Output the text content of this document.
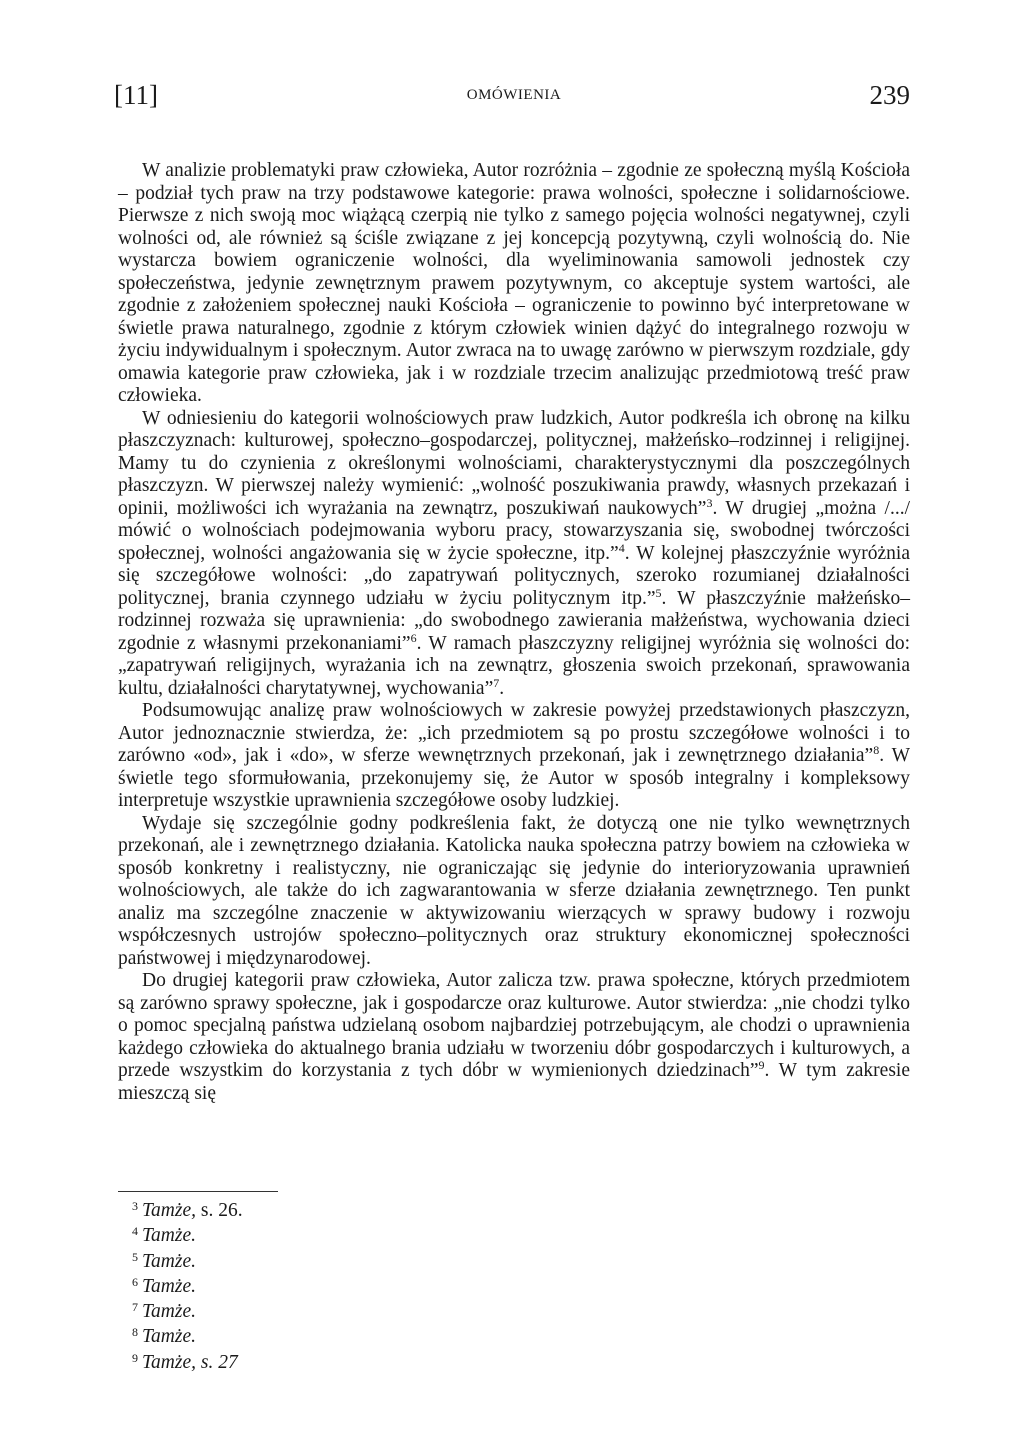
[11]	OMÓWIENIA	239

W analizie problematyki praw człowieka, Autor rozróżnia – zgodnie ze społeczną myślą Kościoła – podział tych praw na trzy podstawowe kategorie: prawa wolności, społeczne i solidarnościowe. Pierwsze z nich swoją moc wiążącą czerpią nie tylko z samego pojęcia wolności negatywnej, czyli wolności od, ale również są ściśle związane z jej koncepcją pozytywną, czyli wolnością do. Nie wystarcza bowiem ograniczenie wolności, dla wyeliminowania samowoli jednostek czy społeczeństwa, jedynie zewnętrznym prawem pozytywnym, co akceptuje system wartości, ale zgodnie z założeniem społecznej nauki Kościoła – ograniczenie to powinno być interpretowane w świetle prawa naturalnego, zgodnie z którym człowiek winien dążyć do integralnego rozwoju w życiu indywidualnym i społecznym. Autor zwraca na to uwagę zarówno w pierwszym rozdziale, gdy omawia kategorie praw człowieka, jak i w rozdziale trzecim analizując przedmiotową treść praw człowieka.

W odniesieniu do kategorii wolnościowych praw ludzkich, Autor podkreśla ich obronę na kilku płaszczyznach: kulturowej, społeczno–gospodarczej, politycznej, małżeńsko–rodzinnej i religijnej. Mamy tu do czynienia z określonymi wolnościami, charakterystycznymi dla poszczególnych płaszczyzn. W pierwszej należy wymienić: „wolność poszukiwania prawdy, własnych przekazań i opinii, możliwości ich wyrażania na zewnątrz, poszukiwań naukowych”$^3$. W drugiej „można /.../ mówić o wolnościach podejmowania wyboru pracy, stowarzyszania się, swobodnej twórczości społecznej, wolności angażowania się w życie społeczne, itp.”$^4$. W kolejnej płaszczyźnie wyróżnia się szczegółowe wolności: „do zapatrywań politycznych, szeroko rozumianej działalności politycznej, brania czynnego udziału w życiu politycznym itp.”$^5$. W płaszczyźnie małżeńsko–rodzinnej rozważa się uprawnienia: „do swobodnego zawierania małżeństwa, wychowania dzieci zgodnie z własnymi przekonaniami”$^6$. W ramach płaszczyzny religijnej wyróżnia się wolności do: „zapatrywań religijnych, wyrażania ich na zewnątrz, głoszenia swoich przekonań, sprawowania kultu, działalności charytatywnej, wychowania”$^7$.

Podsumowując analizę praw wolnościowych w zakresie powyżej przedstawionych płaszczyzn, Autor jednoznacznie stwierdza, że: „ich przedmiotem są po prostu szczegółowe wolności i to zarówno «od», jak i «do», w sferze wewnętrznych przekonań, jak i zewnętrznego działania”$^8$. W świetle tego sformułowania, przekonujemy się, że Autor w sposób integralny i kompleksowy interpretuje wszystkie uprawnienia szczegółowe osoby ludzkiej.

Wydaje się szczególnie godny podkreślenia fakt, że dotyczą one nie tylko wewnętrznych przekonań, ale i zewnętrznego działania. Katolicka nauka społeczna patrzy bowiem na człowieka w sposób konkretny i realistyczny, nie ograniczając się jedynie do interioryzowania uprawnień wolnościowych, ale także do ich zagwarantowania w sferze działania zewnętrznego. Ten punkt analiz ma szczególne znaczenie w aktywizowaniu wierzących w sprawy budowy i rozwoju współczesnych ustrojów społeczno–politycznych oraz struktury ekonomicznej społeczności państwowej i międzynarodowej.

Do drugiej kategorii praw człowieka, Autor zalicza tzw. prawa społeczne, których przedmiotem są zarówno sprawy społeczne, jak i gospodarcze oraz kulturowe. Autor stwierdza: „nie chodzi tylko o pomoc specjalną państwa udzielaną osobom najbardziej potrzebującym, ale chodzi o uprawnienia każdego człowieka do aktualnego brania udziału w tworzeniu dóbr gospodarczych i kulturowych, a przede wszystkim do korzystania z tych dóbr w wymienionych dziedzinach”$^9$. W tym zakresie mieszczą się

$^3$ Tamże, s. 26.
$^4$ Tamże.
$^5$ Tamże.
$^6$ Tamże.
$^7$ Tamże.
$^8$ Tamże.
$^9$ Tamże, s. 27
